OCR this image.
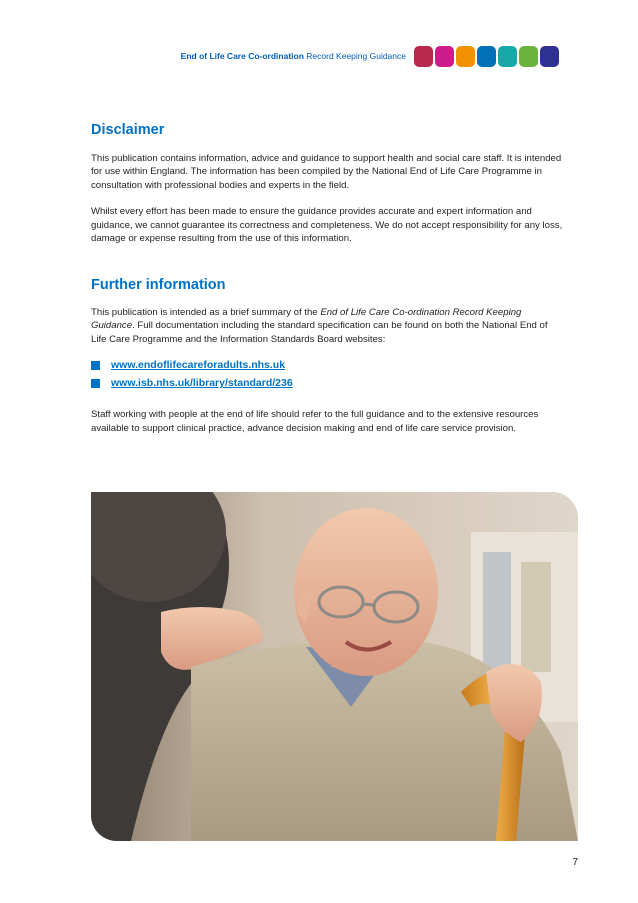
End of Life Care Co-ordination Record Keeping Guidance
Disclaimer

This publication contains information, advice and guidance to support health and social care staff. It is intended for use within England. The information has been compiled by the National End of Life Care Programme in consultation with professional bodies and experts in the field.

Whilst every effort has been made to ensure the guidance provides accurate and expert information and guidance, we cannot guarantee its correctness and completeness. We do not accept responsibility for any loss, damage or expense resulting from the use of this information.

Further information

This publication is intended as a brief summary of the End of Life Care Co-ordination Record Keeping Guidance. Full documentation including the standard specification can be found on both the National End of Life Care Programme and the Information Standards Board websites:

www.endoflifecareforadults.nhs.uk
www.isb.nhs.uk/library/standard/236

Staff working with people at the end of life should refer to the full guidance and to the extensive resources available to support clinical practice, advance decision making and end of life care service provision.

7
